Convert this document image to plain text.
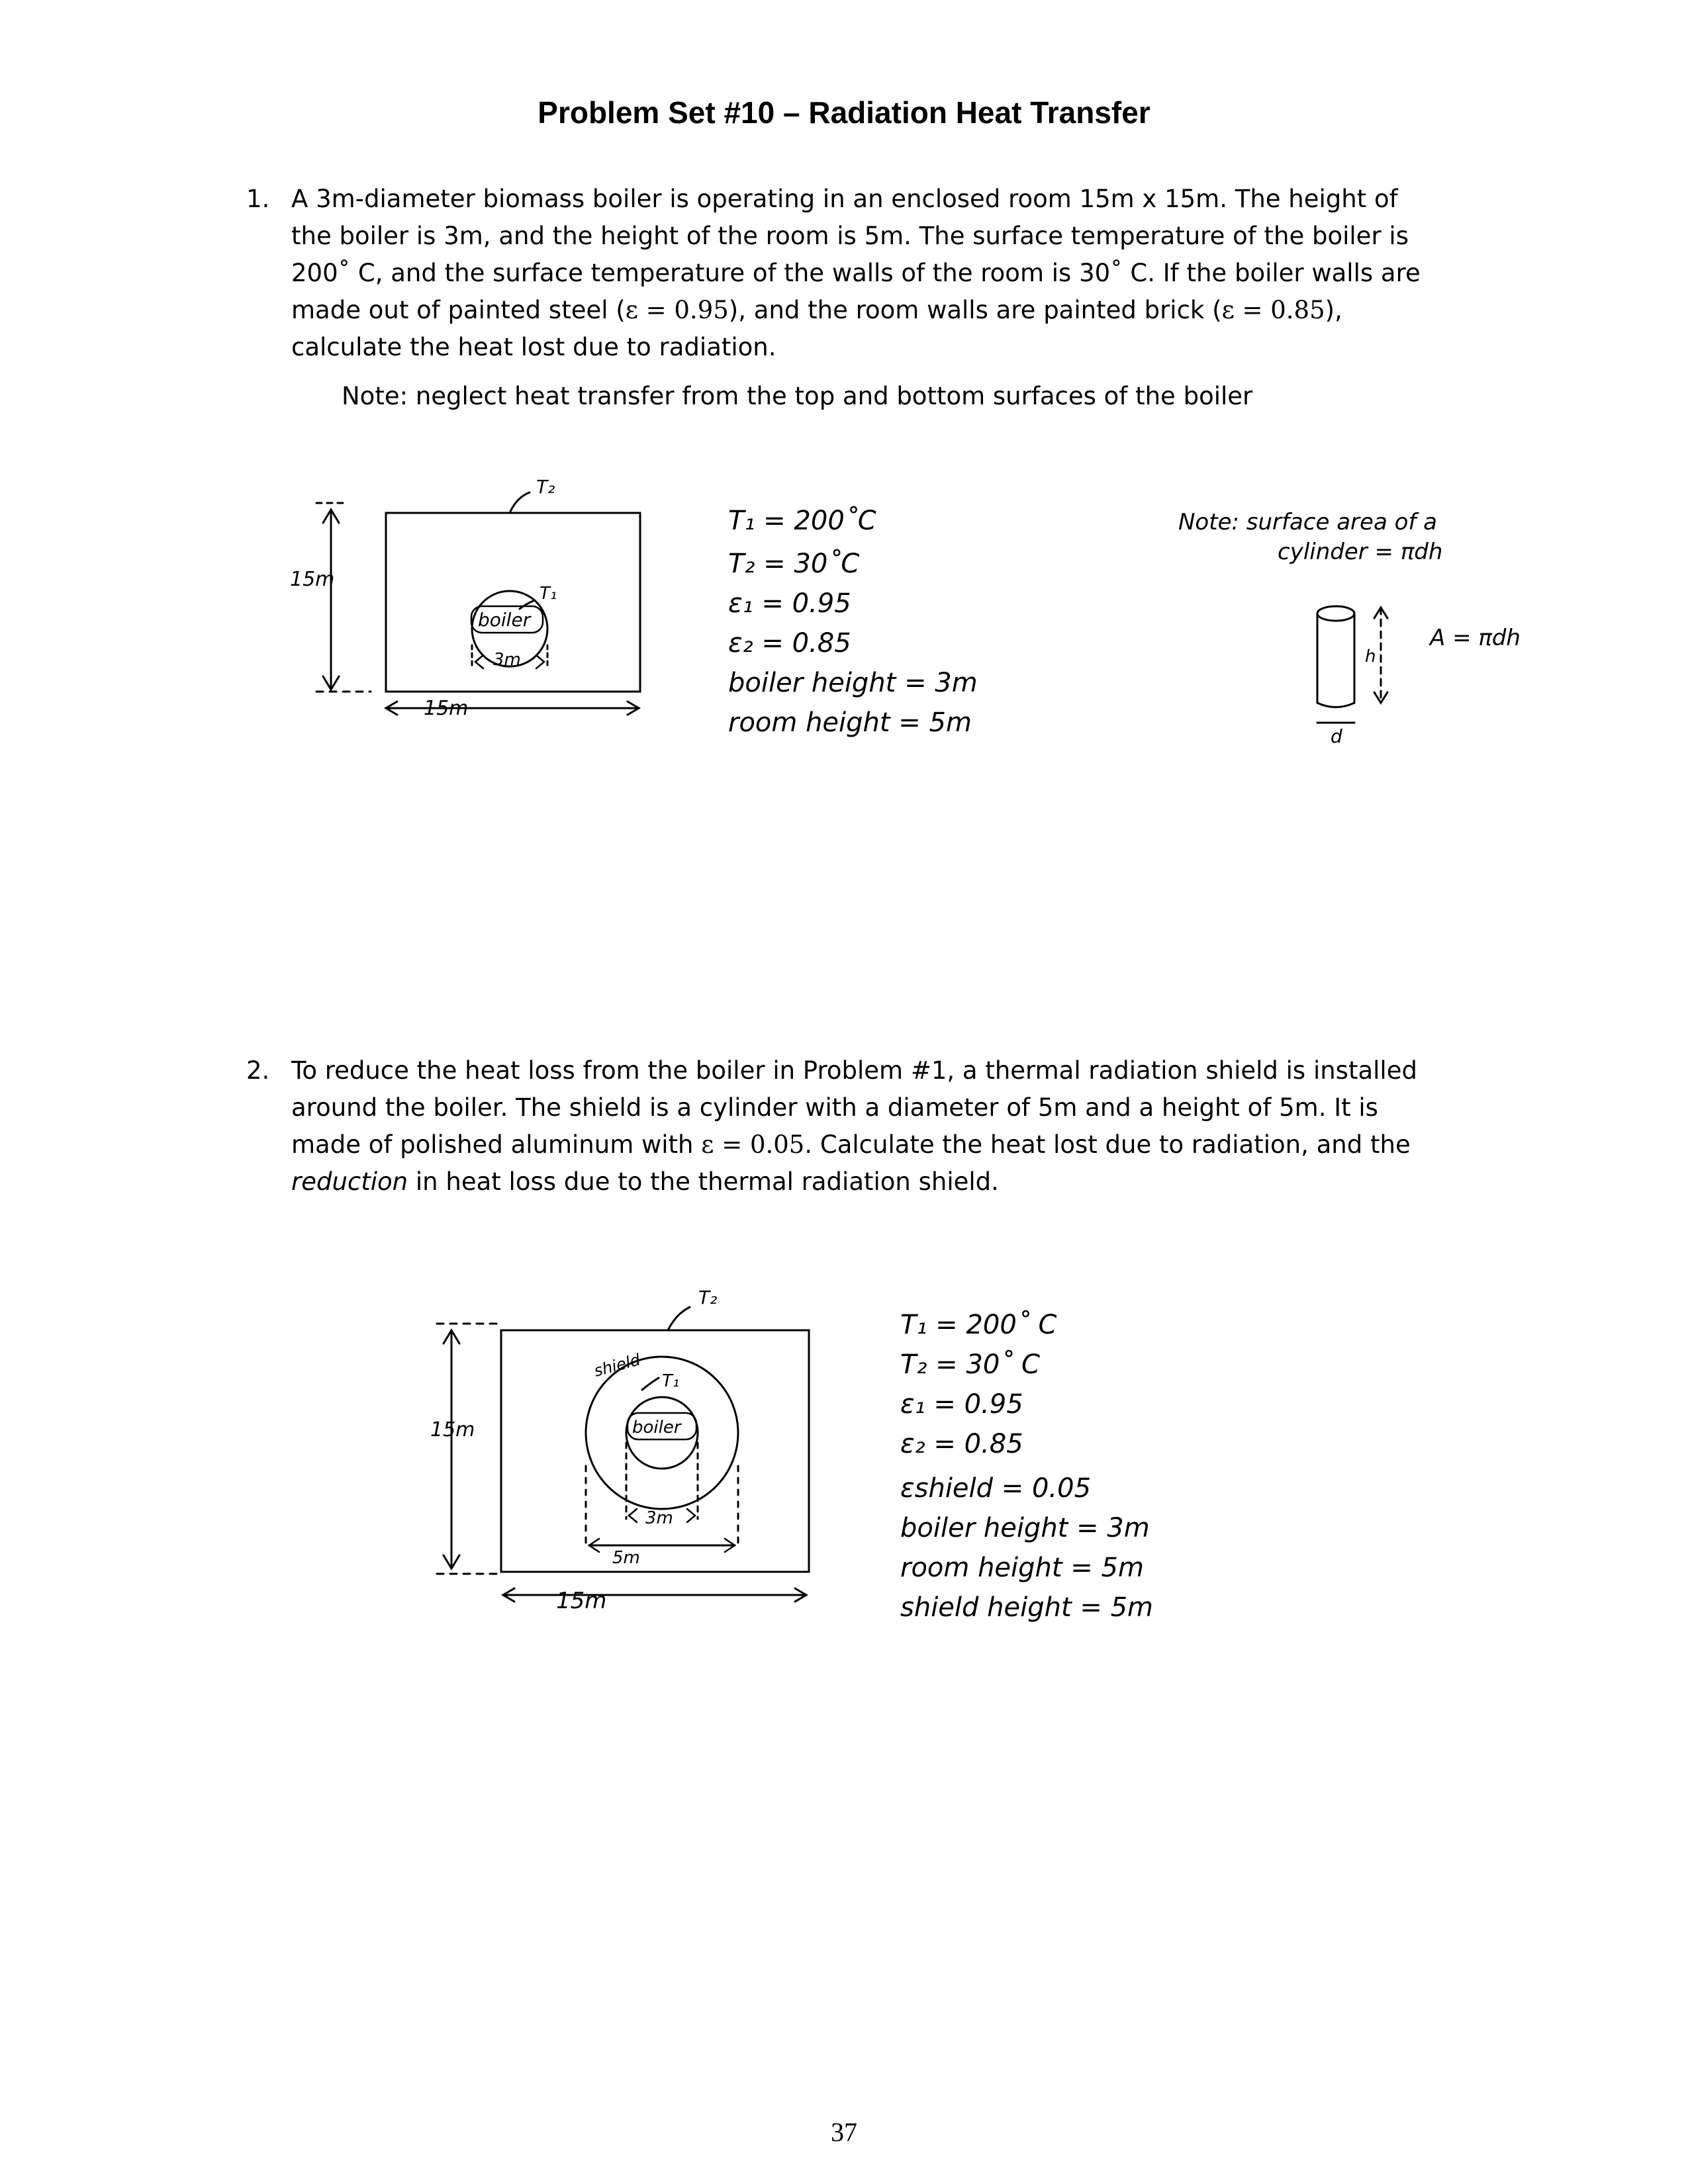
Problem Set #10 – Radiation Heat Transfer
1. A 3m-diameter biomass boiler is operating in an enclosed room 15m x 15m. The height of the boiler is 3m, and the height of the room is 5m. The surface temperature of the boiler is 200˚ C, and the surface temperature of the walls of the room is 30˚ C. If the boiler walls are made out of painted steel (ε = 0.95), and the room walls are painted brick (ε = 0.85), calculate the heat lost due to radiation.

Note: neglect heat transfer from the top and bottom surfaces of the boiler

15m
15m
T₂
T₁
boiler
3m
T₁ = 200˚C
T₂ = 30˚C
ε₁ = 0.95
ε₂ = 0.85
boiler height = 3m
room height = 5m
Note: surface area of a
cylinder = πdh
A = πdh
h
d
2. To reduce the heat loss from the boiler in Problem #1, a thermal radiation shield is installed around the boiler. The shield is a cylinder with a diameter of 5m and a height of 5m. It is made of polished aluminum with ε = 0.05. Calculate the heat lost due to radiation, and the reduction in heat loss due to the thermal radiation shield.

15m
15m
T₂
T₁
shield
boiler
3m
5m
T₁ = 200˚ C
T₂ = 30˚ C
ε₁ = 0.95
ε₂ = 0.85
εshield = 0.05
boiler height = 3m
room height = 5m
shield height = 5m
37
